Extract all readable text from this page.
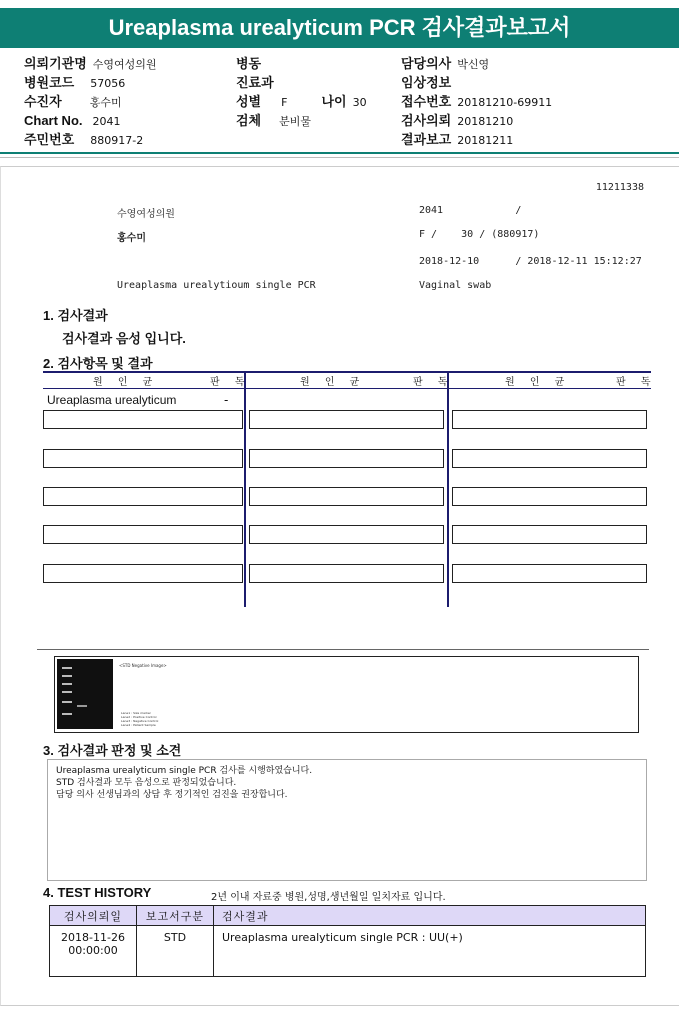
Ureaplasma urealyticum PCR 검사결과보고서
의뢰기관명 수영여성의원
병원코드 57056
수진자	홍수미
Chart No. 2041
주민번호 880917-2
병동
진료과
성별 F	나이 30
검체 분비물
담당의사 박신영
임상정보
접수번호 20181210-69911
검사의뢰 20181210
결과보고 20181211
11211338
수영여성의원	2041            /
홍수미	F /    30 / (880917)
2018-12-10      / 2018-12-11 15:12:27
Ureaplasma urealytioum single PCR	Vaginal swab
1. 검사결과
검사결과 음성 입니다.
2. 검사항목 및 결과
원 인 균	판 독	원 인 균	판 독	원 인 균	판 독
Ureaplasma urealyticum	-
<STD Negative Image>
Lane1 : Size marker
Lane2 : Positive Control
Lane3 : Negative Control
Lane4 : Patient Sample
3. 검사결과 판정 및 소견
Ureaplasma urealyticum single PCR 검사를 시행하였습니다.
STD 검사결과 모두 음성으로 판정되었습니다.
담당 의사 선생님과의 상담 후 정기적인 검진을 권장합니다.
4. TEST HISTORY	2년 이내 자료중 병원,성명,생년월일 일치자료 입니다.
검사의뢰일	보고서구분	검사결과

2018-11-26
00:00:00	STD	Ureaplasma urealyticum single PCR : UU(+)
